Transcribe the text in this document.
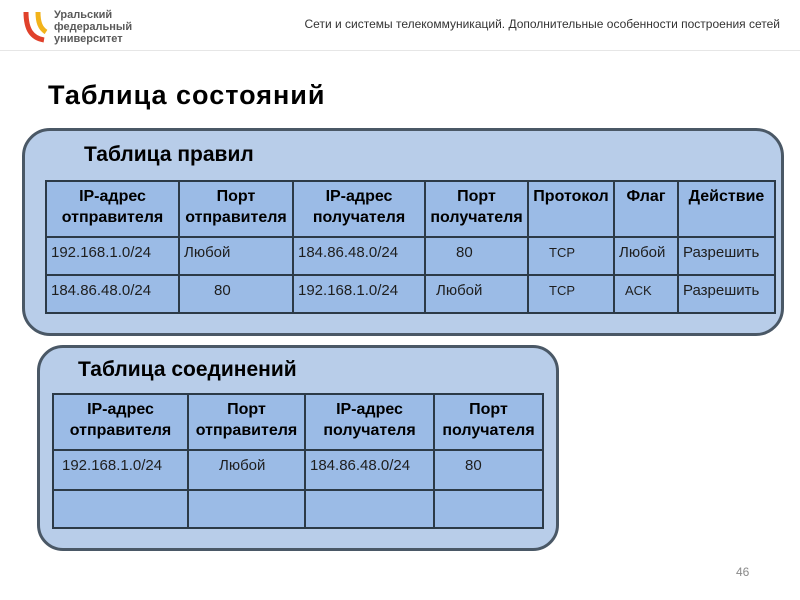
Уральский
федеральный
университет
Сети и системы телекоммуникаций. Дополнительные особенности построения сетей
Таблица состояний
Таблица правил
IP-адрес отправителя	Порт отправителя	IP-адрес получателя	Порт получателя	Протокол	Флаг	Действие
192.168.1.0/24	Любой	184.86.48.0/24	80	TCP	Любой	Разрешить
184.86.48.0/24	80	192.168.1.0/24	Любой	TCP	ACK	Разрешить
Таблица соединений
IP-адрес отправителя	Порт отправителя	IP-адрес получателя	Порт получателя
192.168.1.0/24	Любой	184.86.48.0/24	80

46
